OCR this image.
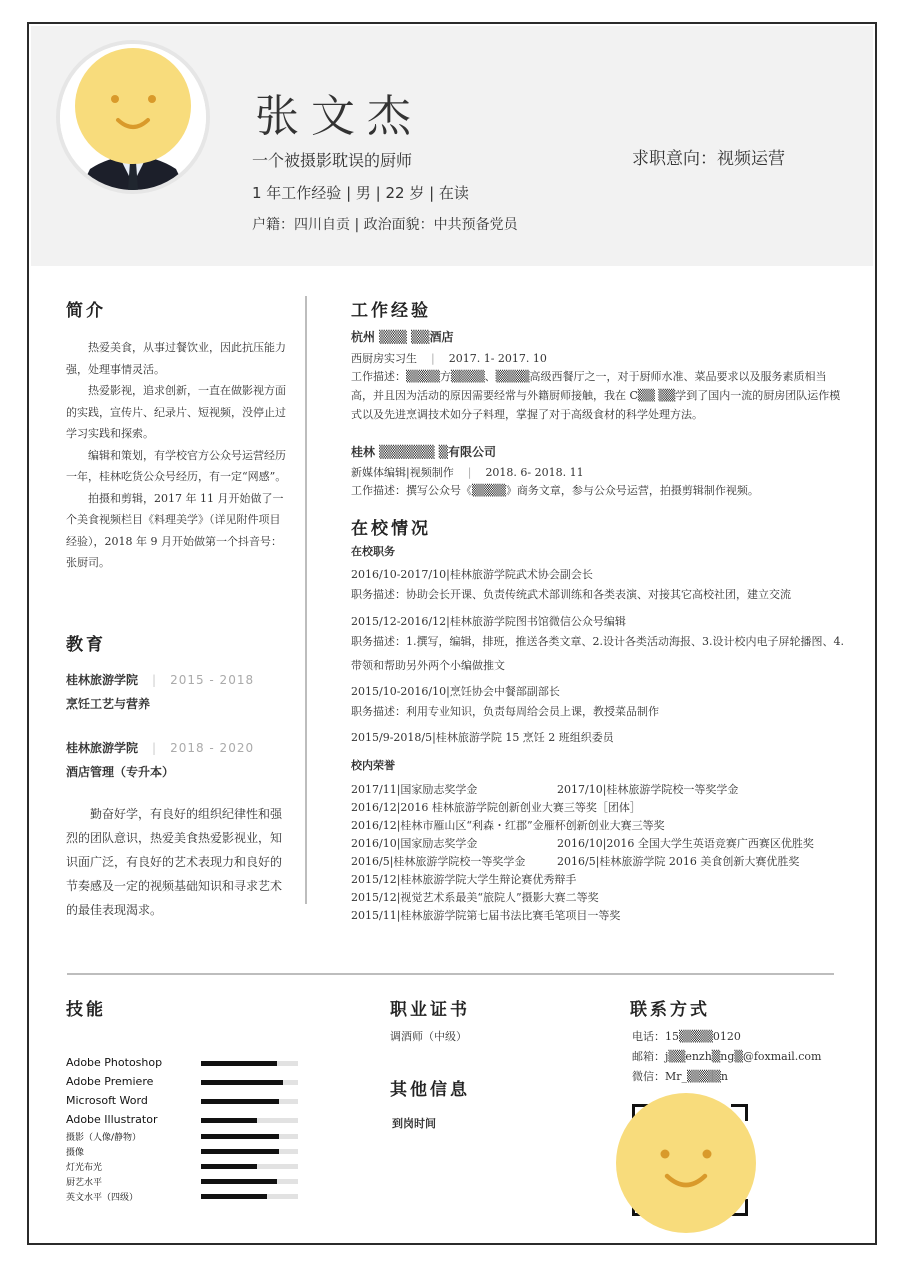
张文杰
一个被摄影耽误的厨师
1 年工作经验 | 男 | 22 岁 | 在读
户籍：四川自贡 | 政治面貌：中共预备党员
求职意向：视频运营
简介

热爱美食，从事过餐饮业，因此抗压能力强，处理事情灵活。

热爱影视，追求创新，一直在做影视方面的实践，宣传片、纪录片、短视频，没停止过学习实践和探索。

编辑和策划，有学校官方公众号运营经历一年，桂林吃货公众号经历，有一定“网感”。

拍摄和剪辑，2017 年 11 月开始做了一个美食视频栏目《料理美学》（详见附件项目经验），2018 年 9 月开始做第一个抖音号：张厨司。

教育
桂林旅游学院 | 2015 - 2018
烹饪工艺与营养
桂林旅游学院 | 2018 - 2020
酒店管理（专升本）

勤奋好学，有良好的组织纪律性和强烈的团队意识，热爱美食热爱影视业，知识面广泛，有良好的艺术表现力和良好的节奏感及一定的视频基础知识和寻求艺术的最佳表现渴求。

工作经验
杭州 ▒▒▒ ▒▒酒店
西厨房实习生 | 2017. 1- 2017. 10

工作描述：▒▒▒▒方▒▒▒▒、▒▒▒▒高级西餐厅之一，对于厨师水准、菜品要求以及服务素质相当高，并且因为活动的原因需要经常与外籍厨师接触，我在 C▒▒ ▒▒学到了国内一流的厨房团队运作模式以及先进烹调技术如分子料理，掌握了对于高级食材的科学处理方法。

桂林 ▒▒▒▒▒▒ ▒有限公司
新媒体编辑|视频制作 | 2018. 6- 2018. 11

工作描述：撰写公众号《▒▒▒▒》商务文章，参与公众号运营，拍摄剪辑制作视频。

在校情况
在校职务
2016/10-2017/10|桂林旅游学院武术协会副会长

职务描述：协助会长开课、负责传统武术部训练和各类表演、对接其它高校社团，建立交流

2015/12-2016/12|桂林旅游学院图书馆微信公众号编辑

职务描述：1.撰写，编辑，排班，推送各类文章、2.设计各类活动海报、3.设计校内电子屏轮播图、4.带领和帮助另外两个小编做推文

2015/10-2016/10|烹饪协会中餐部副部长

职务描述：利用专业知识，负责每周给会员上课，教授菜品制作

2015/9-2018/5|桂林旅游学院 15 烹饪 2 班组织委员
校内荣誉
2017/11|国家励志奖学金	2017/10|桂林旅游学院校一等奖学金
2016/12|2016 桂林旅游学院创新创业大赛三等奖［团体］
2016/12|桂林市雁山区“利森・红郡”金雁杯创新创业大赛三等奖
2016/10|国家励志奖学金	2016/10|2016 全国大学生英语竞赛广西赛区优胜奖
2016/5|桂林旅游学院校一等奖学金	2016/5|桂林旅游学院 2016 美食创新大赛优胜奖
2015/12|桂林旅游学院大学生辩论赛优秀辩手
2015/12|视觉艺术系最美“旅院人”摄影大赛二等奖
2015/11|桂林旅游学院第七届书法比赛毛笔项目一等奖
技能
Adobe Photoshop
Adobe Premiere
Microsoft Word
Adobe Illustrator
摄影（人像/静物）
摄像
灯光布光
厨艺水平
英文水平（四级）
职业证书
调酒师（中级）
其他信息
到岗时间
联系方式
电话：15▒▒▒▒0120
邮箱：j▒▒enzh▒ng▒@foxmail.com
微信：Mr_▒▒▒▒n
